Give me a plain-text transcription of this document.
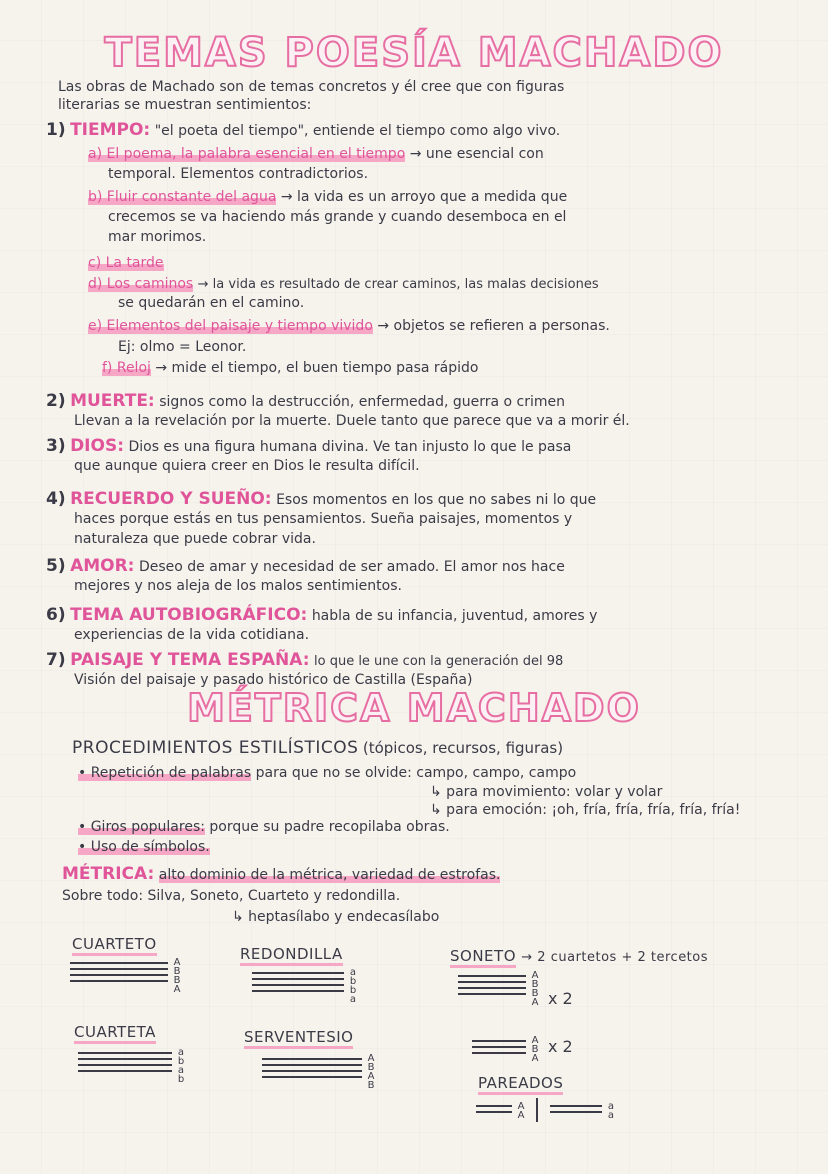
TEMAS POESÍA MACHADO
Las obras de Machado son de temas concretos y él cree que con figuras
literarias se muestran sentimientos:
1) TIEMPO: "el poeta del tiempo", entiende el tiempo como algo vivo.
a) El poema, la palabra esencial en el tiempo → une esencial con
temporal. Elementos contradictorios.
b) Fluir constante del agua → la vida es un arroyo que a medida que
crecemos se va haciendo más grande y cuando desemboca en el
mar morimos.
c) La tarde
d) Los caminos → la vida es resultado de crear caminos, las malas decisiones
se quedarán en el camino.
e) Elementos del paisaje y tiempo vivido → objetos se refieren a personas.
Ej: olmo = Leonor.
f) Reloj → mide el tiempo, el buen tiempo pasa rápido
2) MUERTE: signos como la destrucción, enfermedad, guerra o crimen
Llevan a la revelación por la muerte. Duele tanto que parece que va a morir él.
3) DIOS: Dios es una figura humana divina. Ve tan injusto lo que le pasa
que aunque quiera creer en Dios le resulta difícil.
4) RECUERDO Y SUEÑO: Esos momentos en los que no sabes ni lo que
haces porque estás en tus pensamientos. Sueña paisajes, momentos y
naturaleza que puede cobrar vida.
5) AMOR: Deseo de amar y necesidad de ser amado. El amor nos hace
mejores y nos aleja de los malos sentimientos.
6) TEMA AUTOBIOGRÁFICO: habla de su infancia, juventud, amores y
experiencias de la vida cotidiana.
7) PAISAJE Y TEMA ESPAÑA: lo que le une con la generación del 98
Visión del paisaje y pasado histórico de Castilla (España)
MÉTRICA MACHADO
PROCEDIMIENTOS ESTILÍSTICOS (tópicos, recursos, figuras)
• Repetición de palabras para que no se olvide: campo, campo, campo
↳ para movimiento: volar y volar
↳ para emoción: ¡oh, fría, fría, fría, fría, fría!
• Giros populares: porque su padre recopilaba obras.
• Uso de símbolos.
MÉTRICA: alto dominio de la métrica, variedad de estrofas.
Sobre todo: Silva, Soneto, Cuarteto y redondilla.
↳ heptasílabo y endecasílabo
CUARTETO
A
B
B
A
REDONDILLA
a
b
b
a
SONETO → 2 cuartetos + 2 tercetos
A
B
B
A x 2
A
B
A
x 2
CUARTETA
a
b
a
b
SERVENTESIO
A
B
A
B	PAREADOS
A
A
a
a
